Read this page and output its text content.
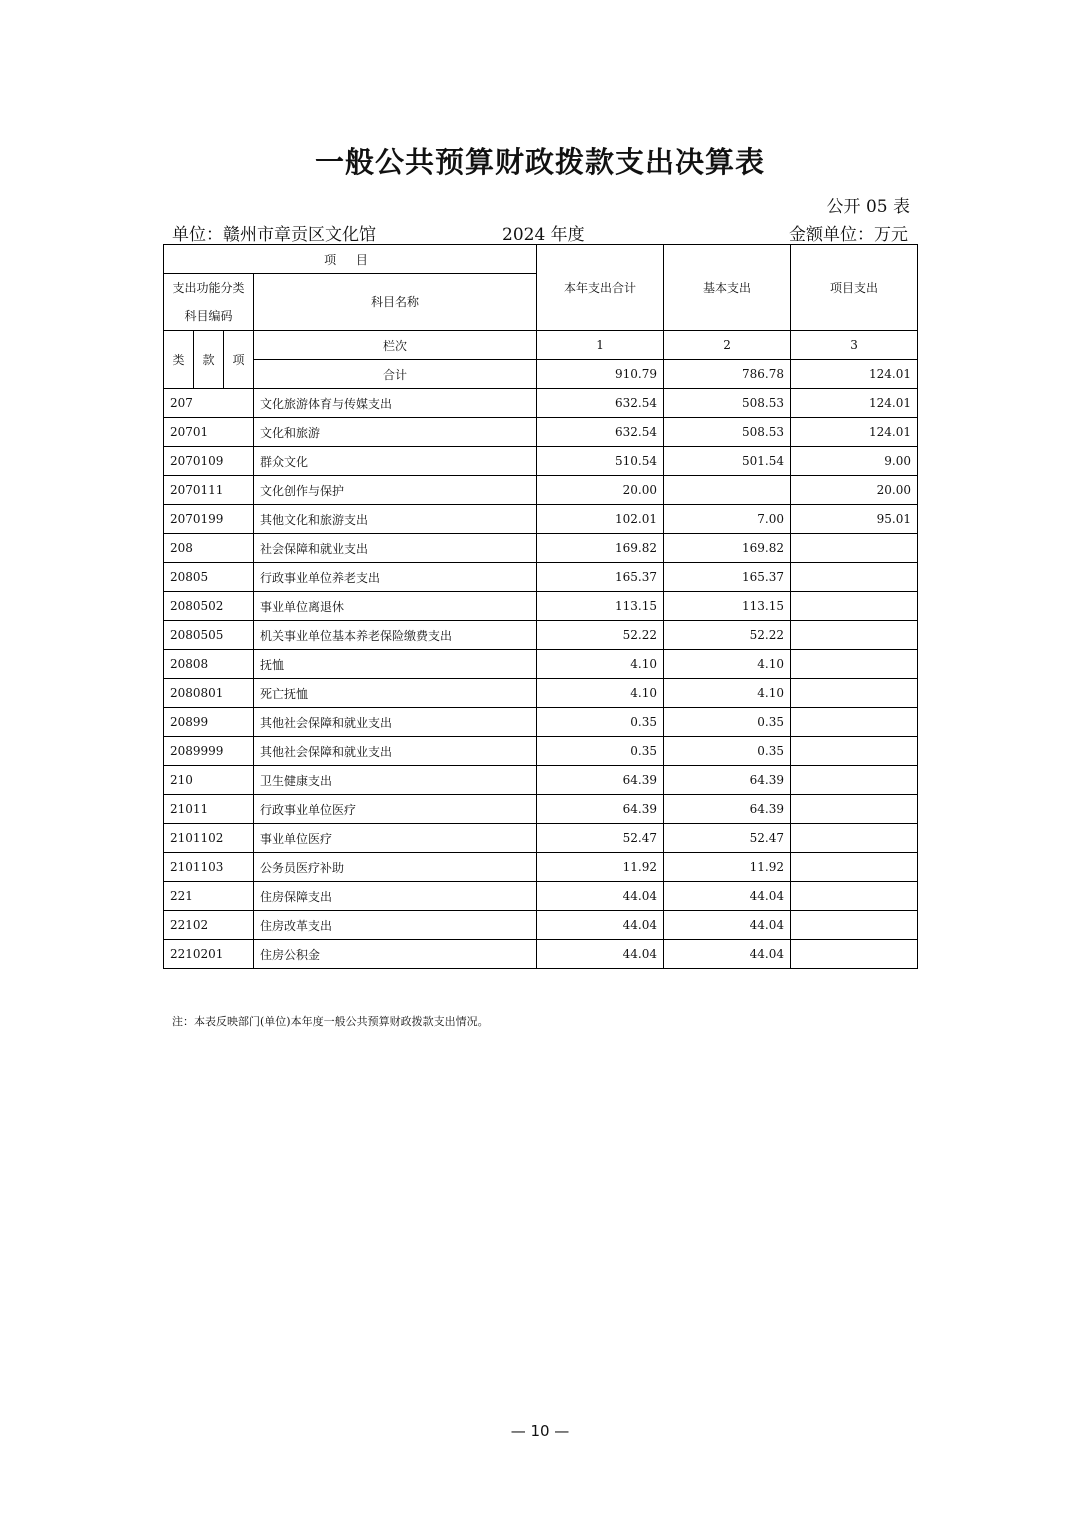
一般公共预算财政拨款支出决算表
公开 05 表
单位：赣州市章贡区文化馆	2024 年度	金额单位：万元
项 目				本年支出合计	基本支出	项目支出
支出功能分类科目编码			科目名称			
类	款	项	栏次	1	2	3
			合计	910.79	786.78	124.01
207			文化旅游体育与传媒支出	632.54	508.53	124.01
20701			文化和旅游	632.54	508.53	124.01
2070109			群众文化	510.54	501.54	9.00
2070111			文化创作与保护	20.00		20.00
2070199			其他文化和旅游支出	102.01	7.00	95.01
208			社会保障和就业支出	169.82	169.82	
20805			行政事业单位养老支出	165.37	165.37	
2080502			事业单位离退休	113.15	113.15	
2080505			机关事业单位基本养老保险缴费支出	52.22	52.22	
20808			抚恤	4.10	4.10	
2080801			死亡抚恤	4.10	4.10	
20899			其他社会保障和就业支出	0.35	0.35	
2089999			其他社会保障和就业支出	0.35	0.35	
210			卫生健康支出	64.39	64.39	
21011			行政事业单位医疗	64.39	64.39	
2101102			事业单位医疗	52.47	52.47	
2101103			公务员医疗补助	11.92	11.92	
221			住房保障支出	44.04	44.04	
22102			住房改革支出	44.04	44.04	
2210201			住房公积金	44.04	44.04	
注：本表反映部门(单位)本年度一般公共预算财政拨款支出情况。
— 10 —
